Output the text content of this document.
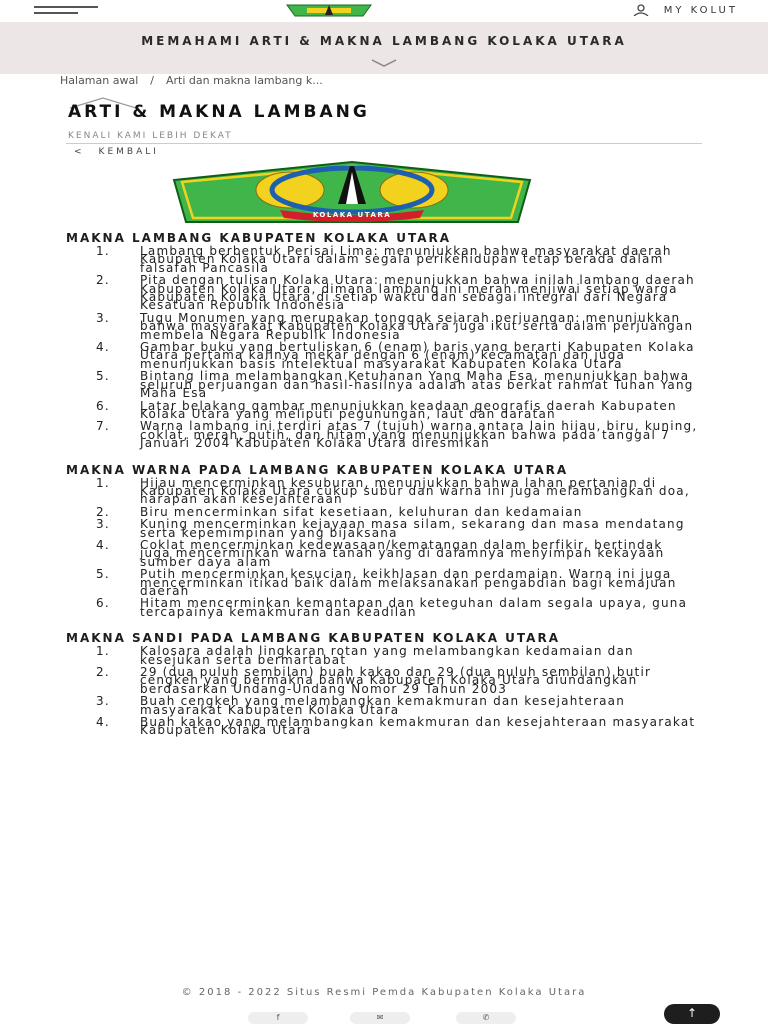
MY KOLUT
MEMAHAMI ARTI & MAKNA LAMBANG KOLAKA UTARA
Halaman awal / Arti dan makna lambang k...
ARTI & MAKNA LAMBANG
KENALI KAMI LEBIH DEKAT
< KEMBALI
KOLAKA UTARA
MAKNA LAMBANG KABUPATEN KOLAKA UTARA
1.	Lambang berbentuk Perisai Lima: menunjukkan bahwa masyarakat daerah Kabupaten Kolaka Utara dalam segala perikehidupan tetap berada dalam falsafah Pancasila
2.	Pita dengan tulisan Kolaka Utara: menunjukkan bahwa inilah lambang daerah Kabupaten Kolaka Utara, dimana lambang ini merah menjiwai setiap warga Kabupaten Kolaka Utara di setiap waktu dan sebagai integral dari Negara Kesatuan Republik Indonesia
3.	Tugu Monumen yang merupakan tonggak sejarah perjuangan: menunjukkan bahwa masyarakat Kabupaten Kolaka Utara juga ikut serta dalam perjuangan membela Negara Republik Indonesia
4.	Gambar buku yang bertuliskan 6 (enam) baris yang berarti Kabupaten Kolaka Utara pertama kalinya mekar dengan 6 (enam) kecamatan dan juga menunjukkan basis intelektual masyarakat Kabupaten Kolaka Utara
5.	Bintang lima melambangkan Ketuhanan Yang Maha Esa, menunjukkan bahwa seluruh perjuangan dan hasil-hasilnya adalah atas berkat rahmat Tuhan Yang Maha Esa
6.	Latar belakang gambar menunjukkan keadaan geografis daerah Kabupaten Kolaka Utara yang meliputi pegunungan, laut dan daratan
7.	Warna lambang ini terdiri atas 7 (tujuh) warna antara lain hijau, biru, kuning, coklat, merah, putih, dan hitam yang menunjukkan bahwa pada tanggal 7 Januari 2004 Kabupaten Kolaka Utara diresmikan
MAKNA WARNA PADA LAMBANG KABUPATEN KOLAKA UTARA
1.	Hijau mencerminkan kesuburan, menunjukkan bahwa lahan pertanian di Kabupaten Kolaka Utara cukup subur dan warna ini juga melambangkan doa, harapan akan kesejahteraan
2.	Biru mencerminkan sifat kesetiaan, keluhuran dan kedamaian
3.	Kuning mencerminkan kejayaan masa silam, sekarang dan masa mendatang serta kepemimpinan yang bijaksana
4.	Coklat mencerminkan kedewasaan/kematangan dalam berfikir, bertindak juga mencerminkan warna tanah yang di dalamnya menyimpan kekayaan sumber daya alam
5.	Putih mencerminkan kesucian, keikhlasan dan perdamaian. Warna ini juga mencerminkan itikad baik dalam melaksanakan pengabdian bagi kemajuan daerah
6.	Hitam mencerminkan kemantapan dan keteguhan dalam segala upaya, guna tercapainya kemakmuran dan keadilan
MAKNA SANDI PADA LAMBANG KABUPATEN KOLAKA UTARA
1.	Kalosara adalah lingkaran rotan yang melambangkan kedamaian dan kesejukan serta bermartabat
2.	29 (dua puluh sembilan) buah kakao dan 29 (dua puluh sembilan) butir cengkeh yang bermakna bahwa Kabupaten Kolaka Utara diundangkan berdasarkan Undang-Undang Nomor 29 Tahun 2003
3.	Buah cengkeh yang melambangkan kemakmuran dan kesejahteraan masyarakat Kabupaten Kolaka Utara
4.	Buah kakao yang melambangkan kemakmuran dan kesejahteraan masyarakat Kabupaten Kolaka Utara
© 2018 - 2022 Situs Resmi Pemda Kabupaten Kolaka Utara
f	✉	✆	↑
